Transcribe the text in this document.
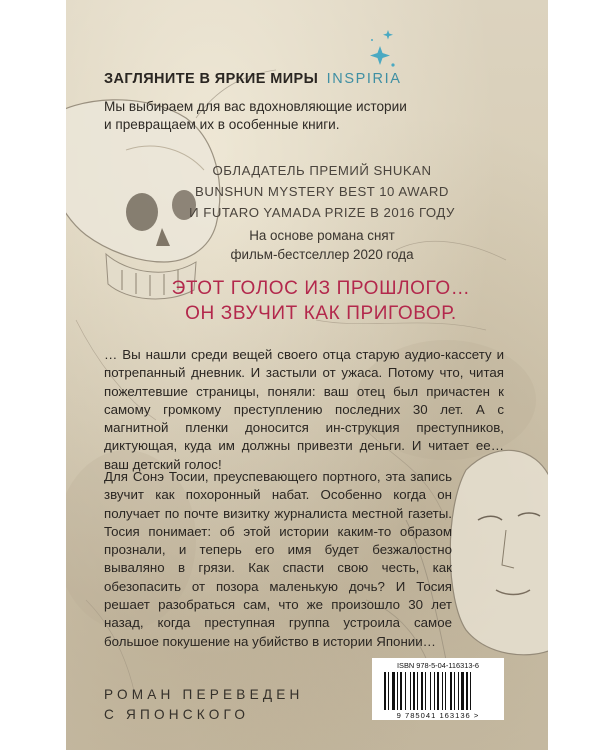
ЗАГЛЯНИТЕ В ЯРКИЕ МИРЫ INSPIRIA
Мы выбираем для вас вдохновляющие истории
и превращаем их в особенные книги.
ОБЛАДАТЕЛЬ ПРЕМИЙ SHUKAN
BUNSHUN MYSTERY BEST 10 AWARD
И FUTARO YAMADA PRIZE В 2016 ГОДУ
На основе романа снят
фильм-бестселлер 2020 года
ЭТОТ ГОЛОС ИЗ ПРОШЛОГО…
ОН ЗВУЧИТ КАК ПРИГОВОР.

… Вы нашли среди вещей своего отца старую аудио-кассету и потрепанный дневник. И застыли от ужаса. Потому что, читая пожелтевшие страницы, поняли: ваш отец был причастен к самому громкому преступлению последних 30 лет. А с магнитной пленки доносится ин-струкция преступников, диктующая, куда им должны привезти деньги. И читает ее… ваш детский голос!

Для Сонэ Тосии, преуспевающего портного, эта запись звучит как похоронный набат. Особенно когда он получает по почте визитку журналиста местной газеты. Тосия понимает: об этой истории каким-то образом прознали, и теперь его имя будет безжалостно вываляно в грязи. Как спасти свою честь, как обезопасить от позора маленькую дочь? И Тосия решает разобраться сам, что же произошло 30 лет назад, когда преступная группа устроила самое большое покушение на убийство в истории Японии…

РОМАН ПЕРЕВЕДЕН
С ЯПОНСКОГО
ISBN 978-5-04-116313-6
9 785041 163136 >
